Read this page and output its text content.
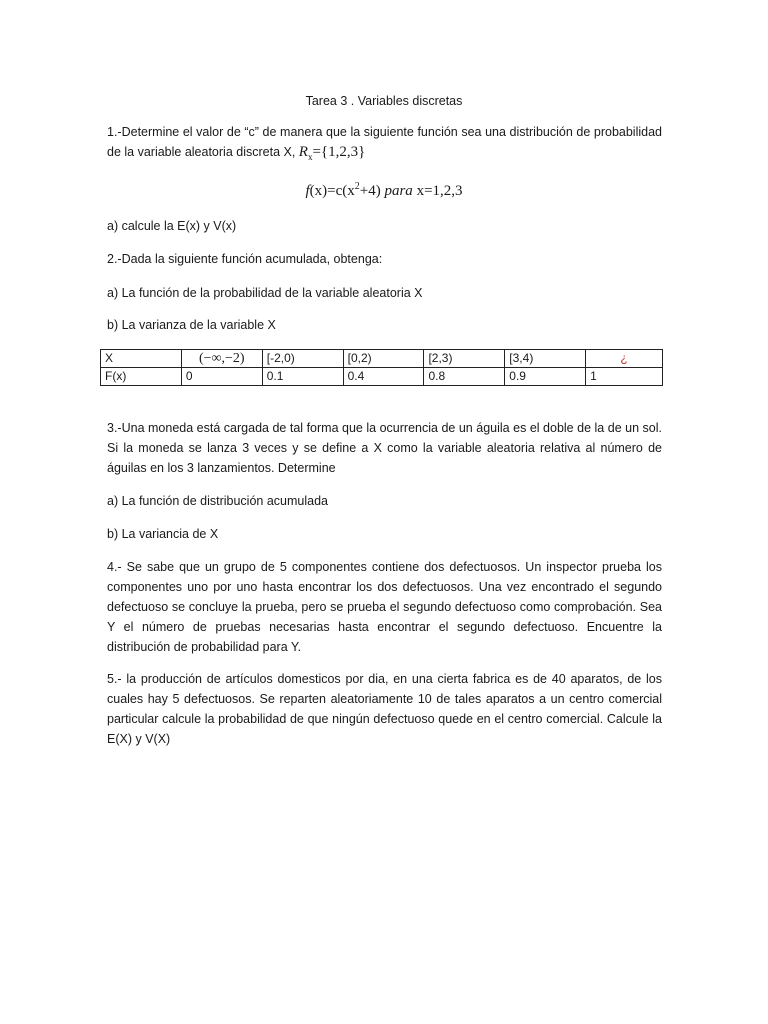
Tarea 3 . Variables discretas

1.-Determine el valor de “c” de manera que la siguiente función sea una distribución de probabilidad de la variable aleatoria discreta X, $R_x=\{1,2,3\}$

$f(x)=c(x^2+4)$ para x=1,2,3

a) calcule la E(x) y V(x)

2.-Dada la siguiente función acumulada, obtenga:

a) La función de la probabilidad de la variable aleatoria X

b) La varianza de la variable X

X	(−∞,−2)	[-2,0)	[0,2)	[2,3)	[3,4)	¿
F(x)	0	0.1	0.4	0.8	0.9	1

3.-Una moneda está cargada de tal forma que la ocurrencia de un águila es el doble de la de un sol. Si la moneda se lanza 3 veces y se define a X como la variable aleatoria relativa al número de águilas en los 3 lanzamientos. Determine

a) La función de distribución acumulada

b) La variancia de X

4.- Se sabe que un grupo de 5 componentes contiene dos defectuosos. Un inspector prueba los componentes uno por uno hasta encontrar los dos defectuosos. Una vez encontrado el segundo defectuoso se concluye la prueba, pero se prueba el segundo defectuoso como comprobación. Sea Y el número de pruebas necesarias hasta encontrar el segundo defectuoso. Encuentre la distribución de probabilidad para Y.

5.- la producción de artículos domesticos por dia, en una cierta fabrica es de 40 aparatos, de los cuales hay 5 defectuosos. Se reparten aleatoriamente 10 de tales aparatos a un centro comercial particular calcule la probabilidad de que ningún defectuoso quede en el centro comercial. Calcule la E(X) y V(X)
